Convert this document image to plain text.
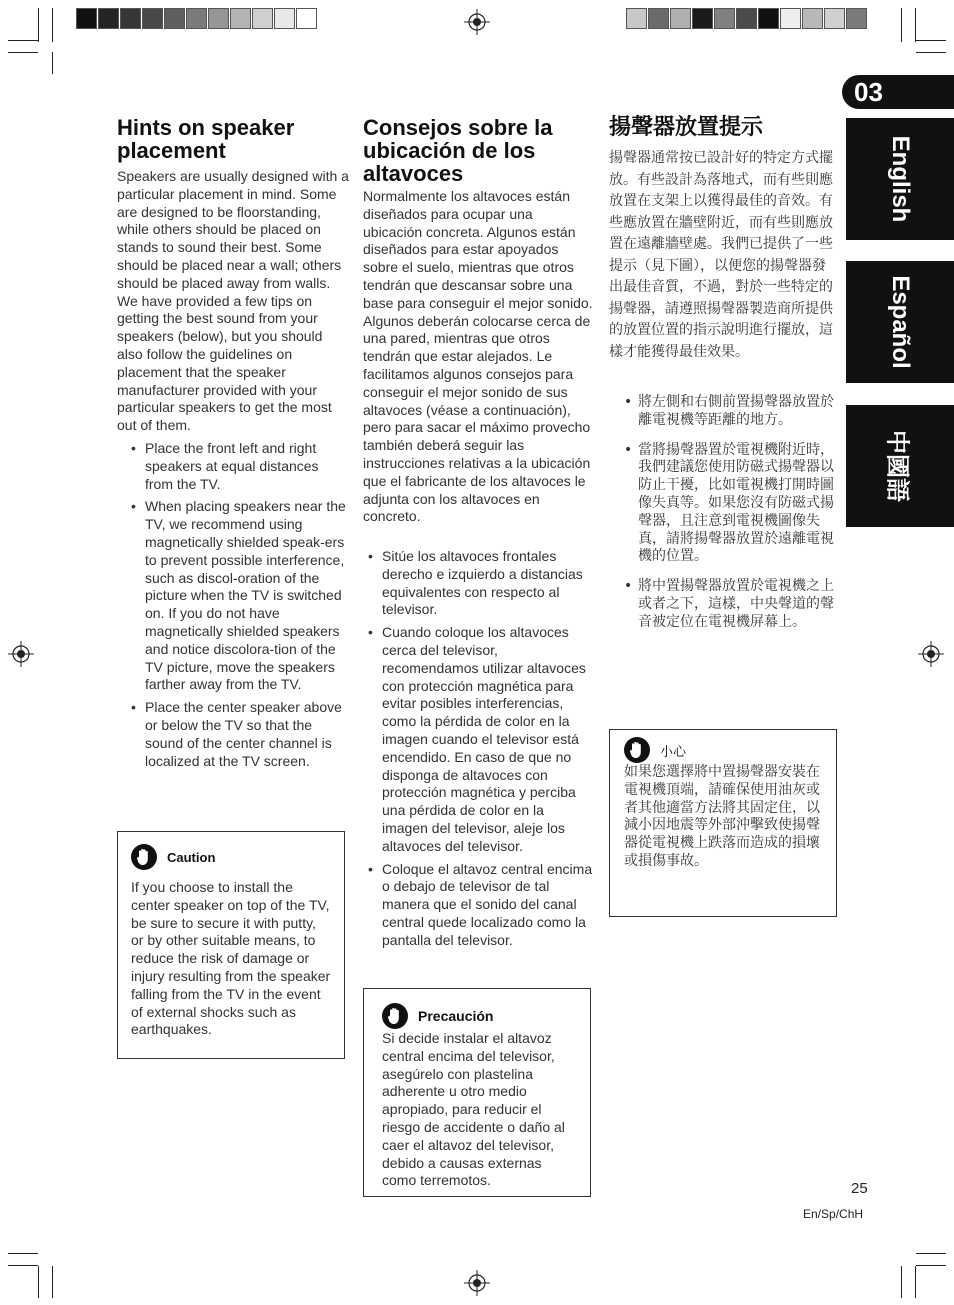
03
English
Español
中國語
Hints on speaker placement

Speakers are usually designed with a particular placement in mind. Some are designed to be floorstanding, while others should be placed on stands to sound their best. Some should be placed near a wall; others should be placed away from walls. We have provided a few tips on getting the best sound from your speakers (below), but you should also follow the guidelines on placement that the speaker manufacturer provided with your particular speakers to get the most out of them.

• Place the front left and right speakers at equal distances from the TV.
• When placing speakers near the TV, we recommend using magnetically shielded speak-ers to prevent possible interference, such as discol-oration of the picture when the TV is switched on. If you do not have magnetically shielded speakers and notice discolora-tion of the TV picture, move the speakers farther away from the TV.
• Place the center speaker above or below the TV so that the sound of the center channel is localized at the TV screen.
Caution

If you choose to install the center speaker on top of the TV, be sure to secure it with putty, or by other suitable means, to reduce the risk of damage or injury resulting from the speaker falling from the TV in the event of external shocks such as earthquakes.

Consejos sobre la ubicación de los altavoces

Normalmente los altavoces están diseñados para ocupar una ubicación concreta. Algunos están diseñados para estar apoyados sobre el suelo, mientras que otros tendrán que descansar sobre una base para conseguir el mejor sonido. Algunos deberán colocarse cerca de una pared, mientras que otros tendrán que estar alejados. Le facilitamos algunos consejos para conseguir el mejor sonido de sus altavoces (véase a continuación), pero para sacar el máximo provecho también deberá seguir las instrucciones relativas a la ubicación que el fabricante de los altavoces le adjunta con los altavoces en concreto.

• Sitúe los altavoces frontales derecho e izquierdo a distancias equivalentes con respecto al televisor.
• Cuando coloque los altavoces cerca del televisor, recomendamos utilizar altavoces con protección magnética para evitar posibles interferencias, como la pérdida de color en la imagen cuando el televisor está encendido. En caso de que no disponga de altavoces con protección magnética y perciba una pérdida de color en la imagen del televisor, aleje los altavoces del televisor.
• Coloque el altavoz central encima o debajo de televisor de tal manera que el sonido del canal central quede localizado como la pantalla del televisor.
Precaución

Si decide instalar el altavoz central encima del televisor, asegúrelo con plastelina adherente u otro medio apropiado, para reducir el riesgo de accidente o daño al caer el altavoz del televisor, debido a causas externas como terremotos.

揚聲器放置提示

揚聲器通常按已設計好的特定方式擺放。有些設計為落地式，而有些則應放置在支架上以獲得最佳的音效。有些應放置在牆壁附近，而有些則應放置在遠離牆壁處。我們已提供了一些提示（見下圖），以便您的揚聲器發出最佳音質，不過，對於一些特定的揚聲器，請遵照揚聲器製造商所提供的放置位置的指示說明進行擺放，這樣才能獲得最佳效果。

• 將左側和右側前置揚聲器放置於離電視機等距離的地方。
• 當將揚聲器置於電視機附近時，我們建議您使用防磁式揚聲器以防止干擾，比如電視機打開時圖像失真等。如果您沒有防磁式揚聲器，且注意到電視機圖像失真，請將揚聲器放置於遠離電視機的位置。
• 將中置揚聲器放置於電視機之上或者之下，這樣，中央聲道的聲音被定位在電視機屏幕上。
小心

如果您選擇將中置揚聲器安裝在電視機頂端，請確保使用油灰或者其他適當方法將其固定住，以減小因地震等外部沖擊致使揚聲器從電視機上跌落而造成的損壞或損傷事故。

25
En/Sp/ChH
